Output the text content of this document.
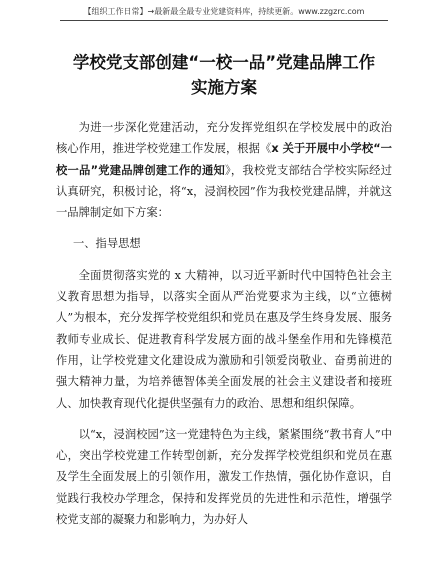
【组织工作日常】→最新最全最专业党建资料库，持续更新。www.zzgzrc.com
学校党支部创建“一校一品”党建品牌工作实施方案

为进一步深化党建活动，充分发挥党组织在学校发展中的政治核心作用，推进学校党建工作发展，根据《x 关于开展中小学校“一校一品”党建品牌创建工作的通知》，我校党支部结合学校实际经过认真研究，积极讨论，将“x，浸润校园”作为我校党建品牌，并就这一品牌制定如下方案：

一、指导思想

全面贯彻落实党的 x 大精神，以习近平新时代中国特色社会主义教育思想为指导，以落实全面从严治党要求为主线，以“立德树人”为根本，充分发挥学校党组织和党员在惠及学生终身发展、服务教师专业成长、促进教育科学发展方面的战斗堡垒作用和先锋模范作用，让学校党建文化建设成为激励和引领爱岗敬业、奋勇前进的强大精神力量，为培养德智体美全面发展的社会主义建设者和接班人、加快教育现代化提供坚强有力的政治、思想和组织保障。

以“x，浸润校园”这一党建特色为主线，紧紧围绕“教书育人”中心，突出学校党建工作转型创新，充分发挥学校党组织和党员在惠及学生全面发展上的引领作用，激发工作热情，强化协作意识，自觉践行我校办学理念，保持和发挥党员的先进性和示范性，增强学校党支部的凝聚力和影响力，为办好人
